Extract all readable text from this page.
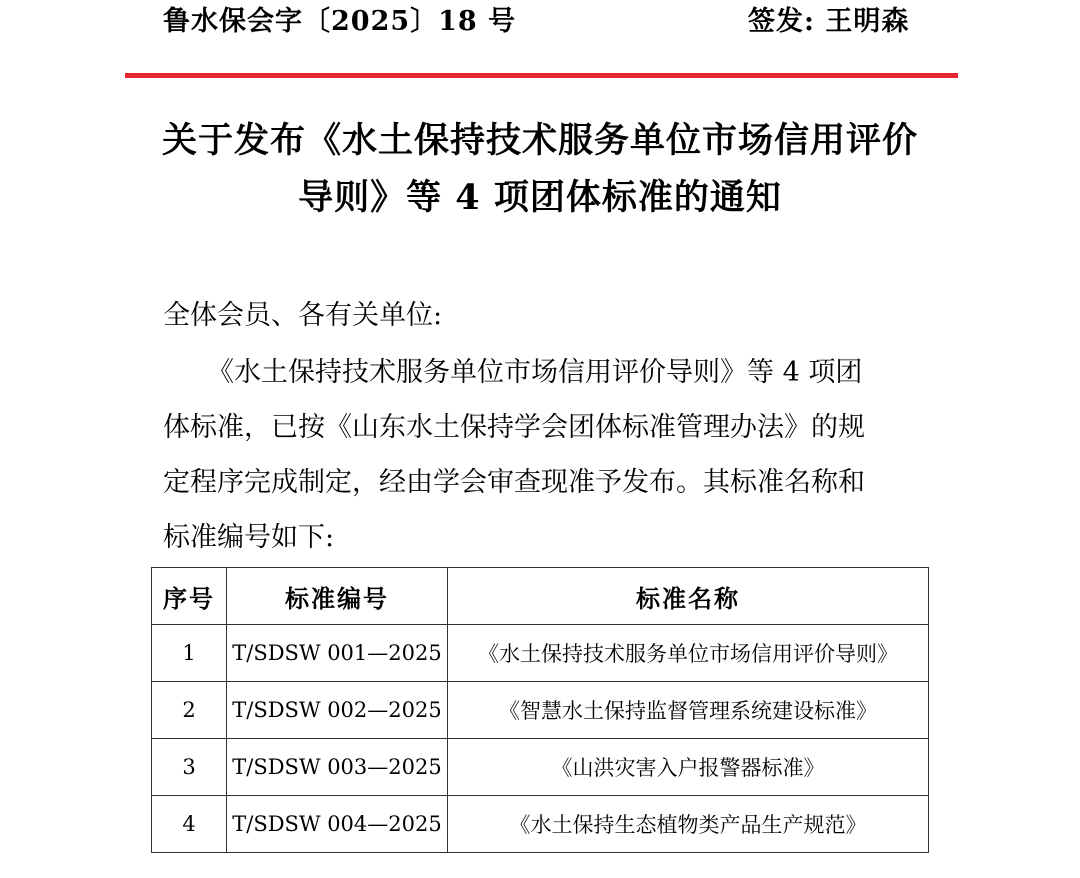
鲁水保会字〔2025〕18 号	签发: 王明森
关于发布《水土保持技术服务单位市场信用评价
导则》等 4 项团体标准的通知
全体会员、各有关单位:
《水土保持技术服务单位市场信用评价导则》等 4 项团
体标准，已按《山东水土保持学会团体标准管理办法》的规
定程序完成制定，经由学会审查现准予发布。其标准名称和
标准编号如下:
序号	标准编号	标准名称
1	T/SDSW 001—2025	《水土保持技术服务单位市场信用评价导则》
2	T/SDSW 002—2025	《智慧水土保持监督管理系统建设标准》
3	T/SDSW 003—2025	《山洪灾害入户报警器标准》
4	T/SDSW 004—2025	《水土保持生态植物类产品生产规范》
